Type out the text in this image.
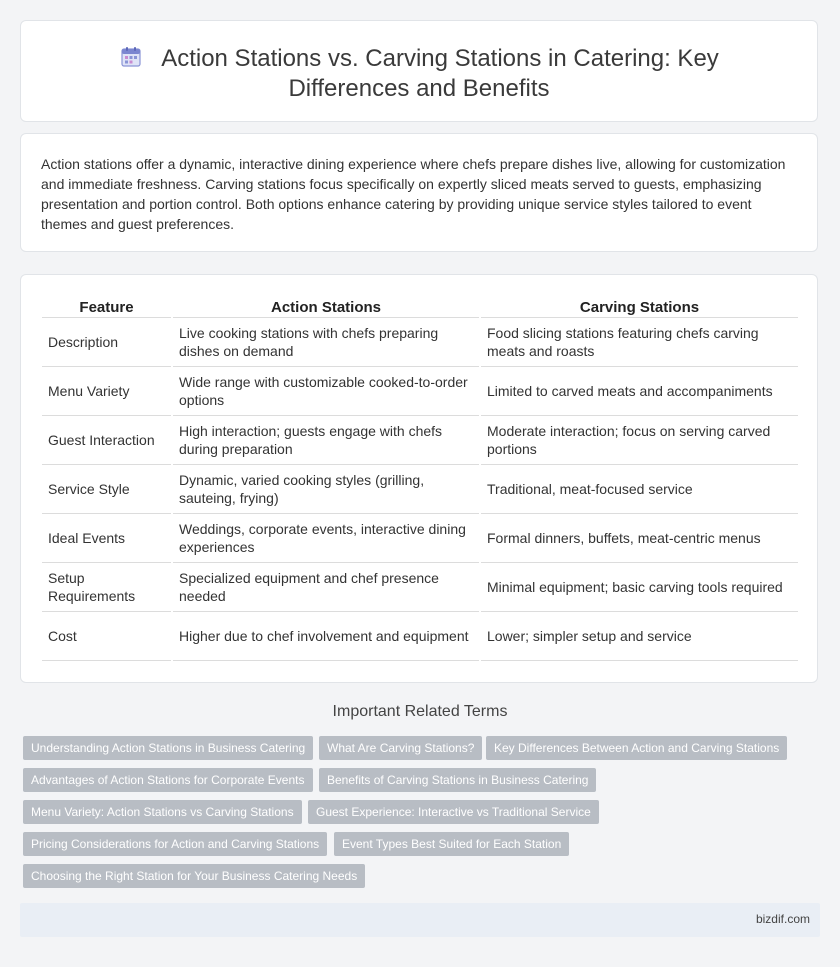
Action Stations vs. Carving Stations in Catering: Key Differences and Benefits

Action stations offer a dynamic, interactive dining experience where chefs prepare dishes live, allowing for customization and immediate freshness. Carving stations focus specifically on expertly sliced meats served to guests, emphasizing presentation and portion control. Both options enhance catering by providing unique service styles tailored to event themes and guest preferences.

Feature	Action Stations	Carving Stations
Description	Live cooking stations with chefs preparing dishes on demand	Food slicing stations featuring chefs carving meats and roasts
Menu Variety	Wide range with customizable cooked-to-order options	Limited to carved meats and accompaniments
Guest Interaction	High interaction; guests engage with chefs during preparation	Moderate interaction; focus on serving carved portions
Service Style	Dynamic, varied cooking styles (grilling, sauteing, frying)	Traditional, meat-focused service
Ideal Events	Weddings, corporate events, interactive dining experiences	Formal dinners, buffets, meat-centric menus
Setup Requirements	Specialized equipment and chef presence needed	Minimal equipment; basic carving tools required
Cost	Higher due to chef involvement and equipment	Lower; simpler setup and service
Important Related Terms
Understanding Action Stations in Business Catering	What Are Carving Stations?	Key Differences Between Action and Carving Stations
Advantages of Action Stations for Corporate Events	Benefits of Carving Stations in Business Catering
Menu Variety: Action Stations vs Carving Stations	Guest Experience: Interactive vs Traditional Service
Pricing Considerations for Action and Carving Stations	Event Types Best Suited for Each Station
Choosing the Right Station for Your Business Catering Needs
bizdif.com
